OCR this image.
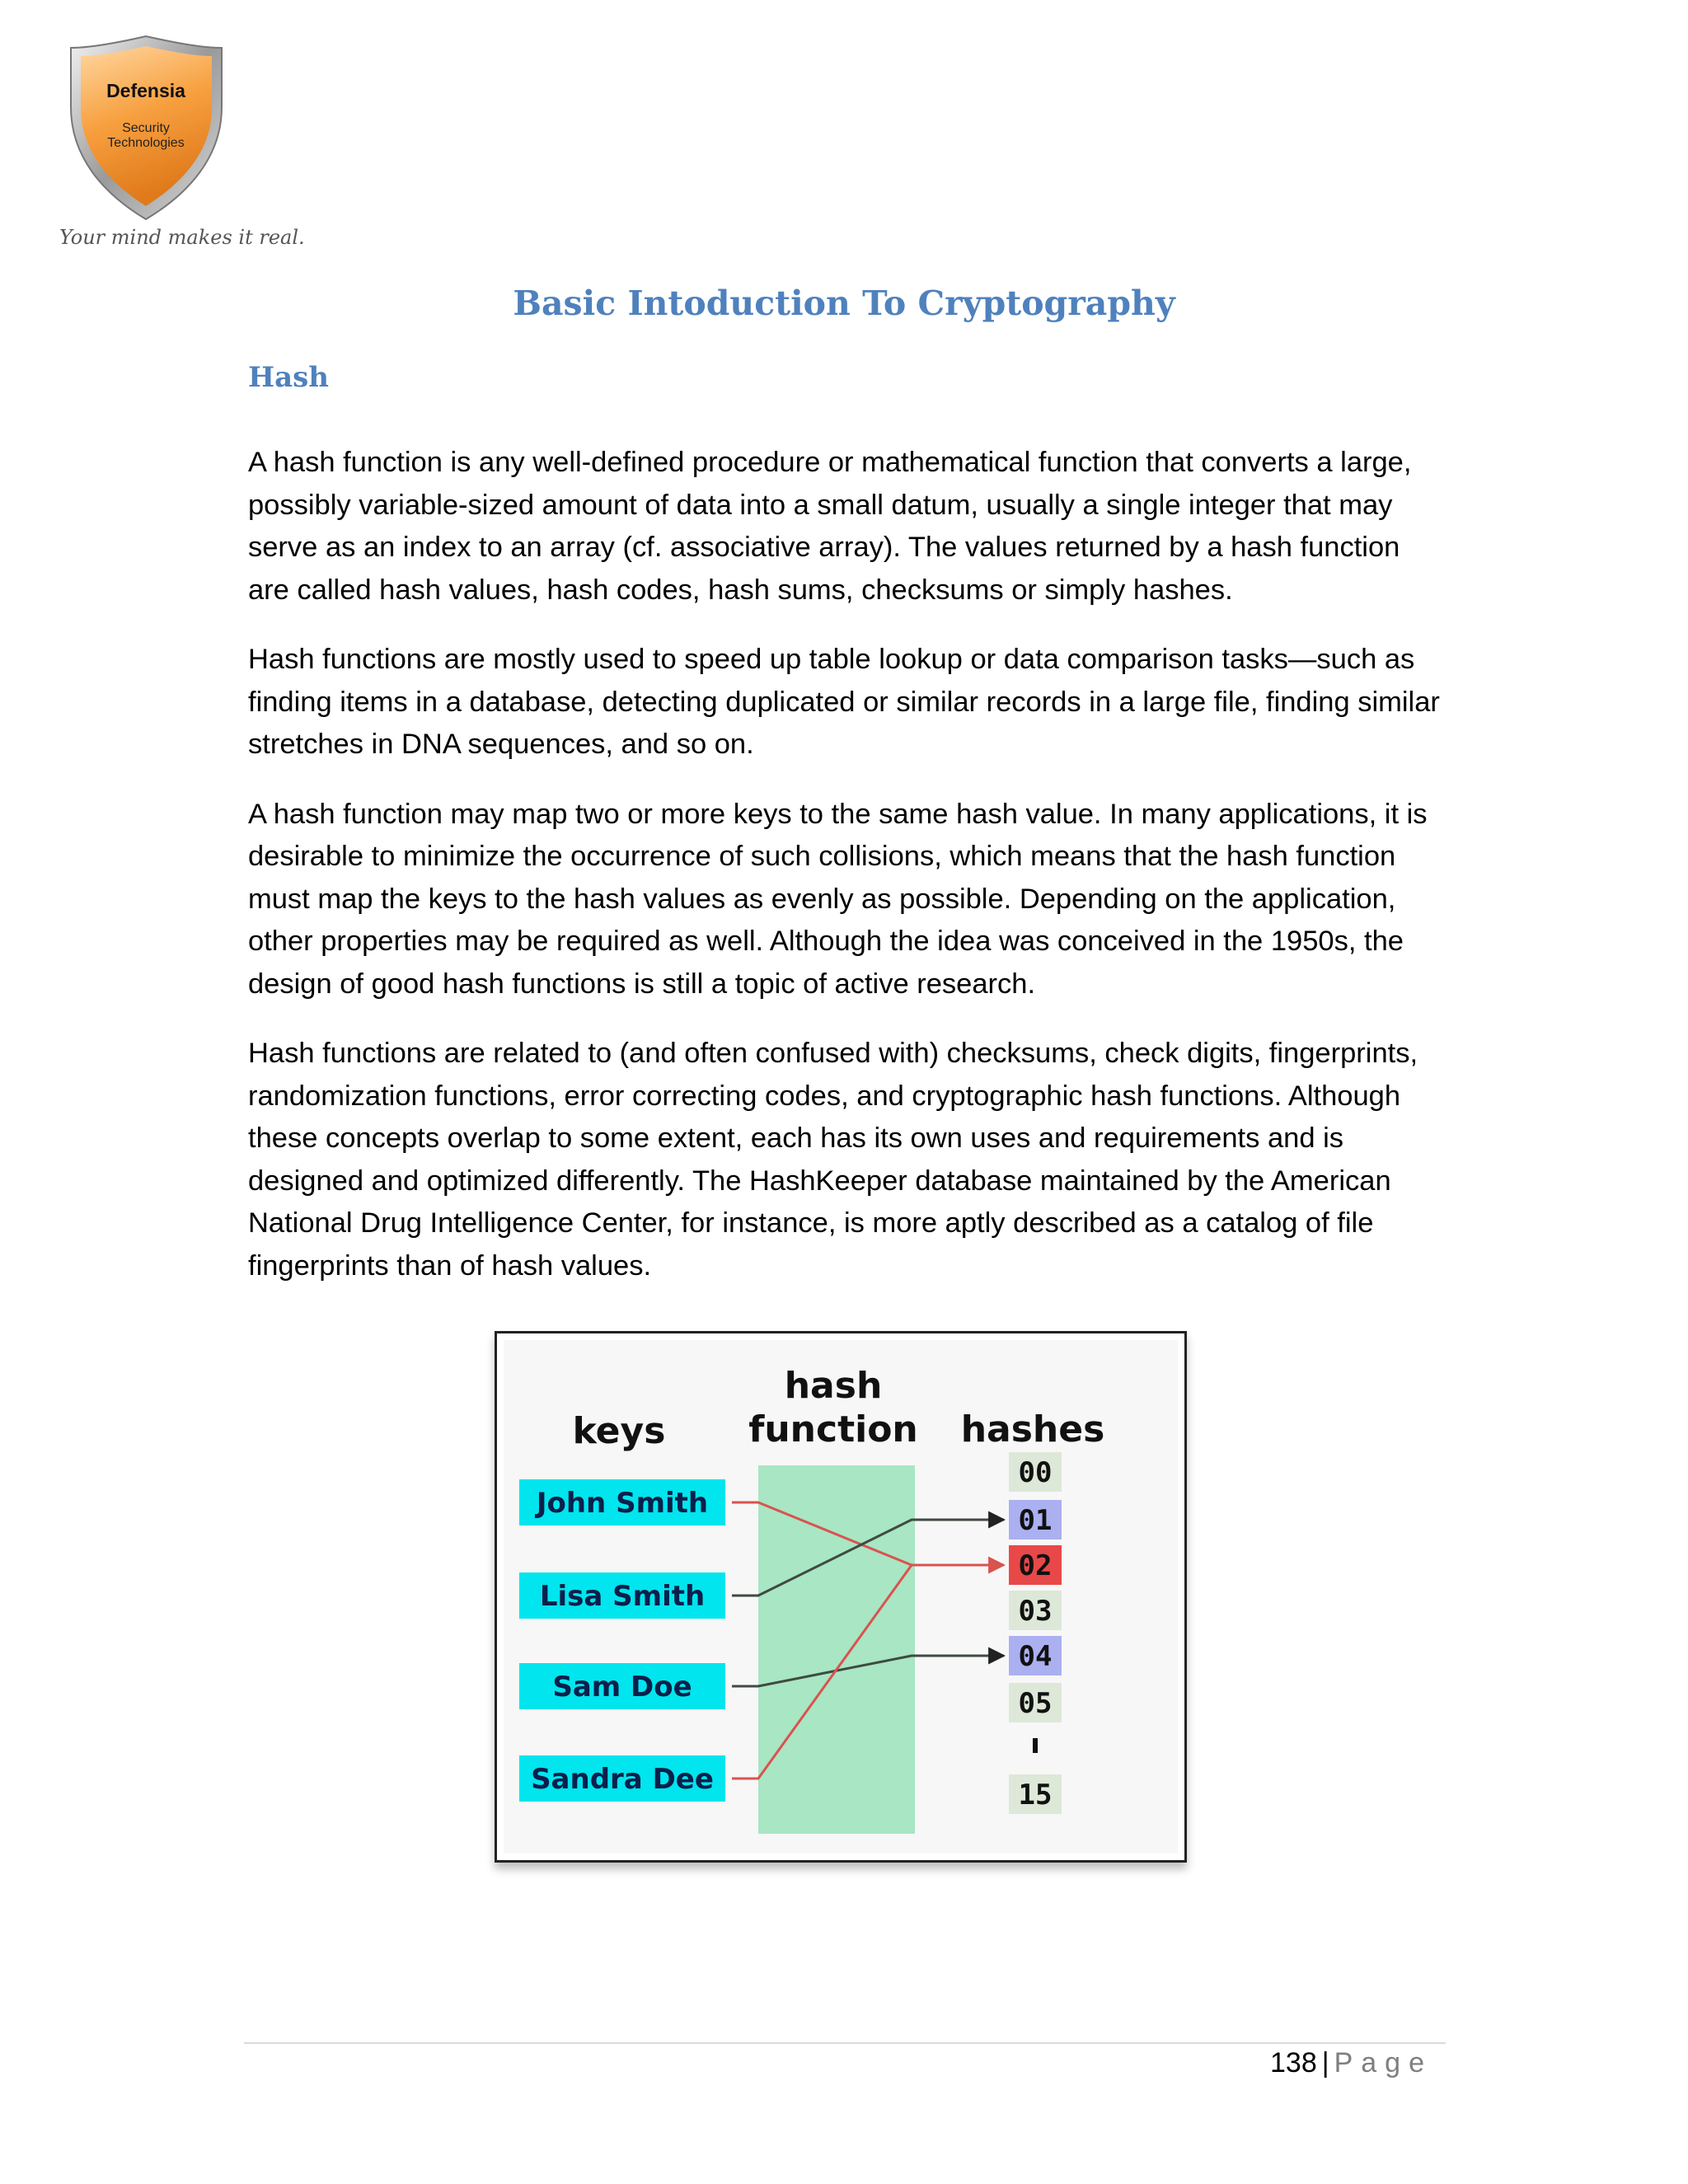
Defensia
Security
Technologies
Your mind makes it real.
Basic Intoduction To Cryptography
Hash

A hash function is any well-defined procedure or mathematical function that converts a large, possibly variable-sized amount of data into a small datum, usually a single integer that may serve as an index to an array (cf. associative array). The values returned by a hash function are called hash values, hash codes, hash sums, checksums or simply hashes.

Hash functions are mostly used to speed up table lookup or data comparison tasks—such as finding items in a database, detecting duplicated or similar records in a large file, finding similar stretches in DNA sequences, and so on.

A hash function may map two or more keys to the same hash value. In many applications, it is desirable to minimize the occurrence of such collisions, which means that the hash function must map the keys to the hash values as evenly as possible. Depending on the application, other properties may be required as well. Although the idea was conceived in the 1950s, the design of good hash functions is still a topic of active research.

Hash functions are related to (and often confused with) checksums, check digits, fingerprints, randomization functions, error correcting codes, and cryptographic hash functions. Although these concepts overlap to some extent, each has its own uses and requirements and is designed and optimized differently. The HashKeeper database maintained by the American National Drug Intelligence Center, for instance, is more aptly described as a catalog of file fingerprints than of hash values.

keys
hash
function hashes
John Smith
Lisa Smith
Sam Doe
Sandra Dee
00
01
02
03
04
05
15
138 | Page
